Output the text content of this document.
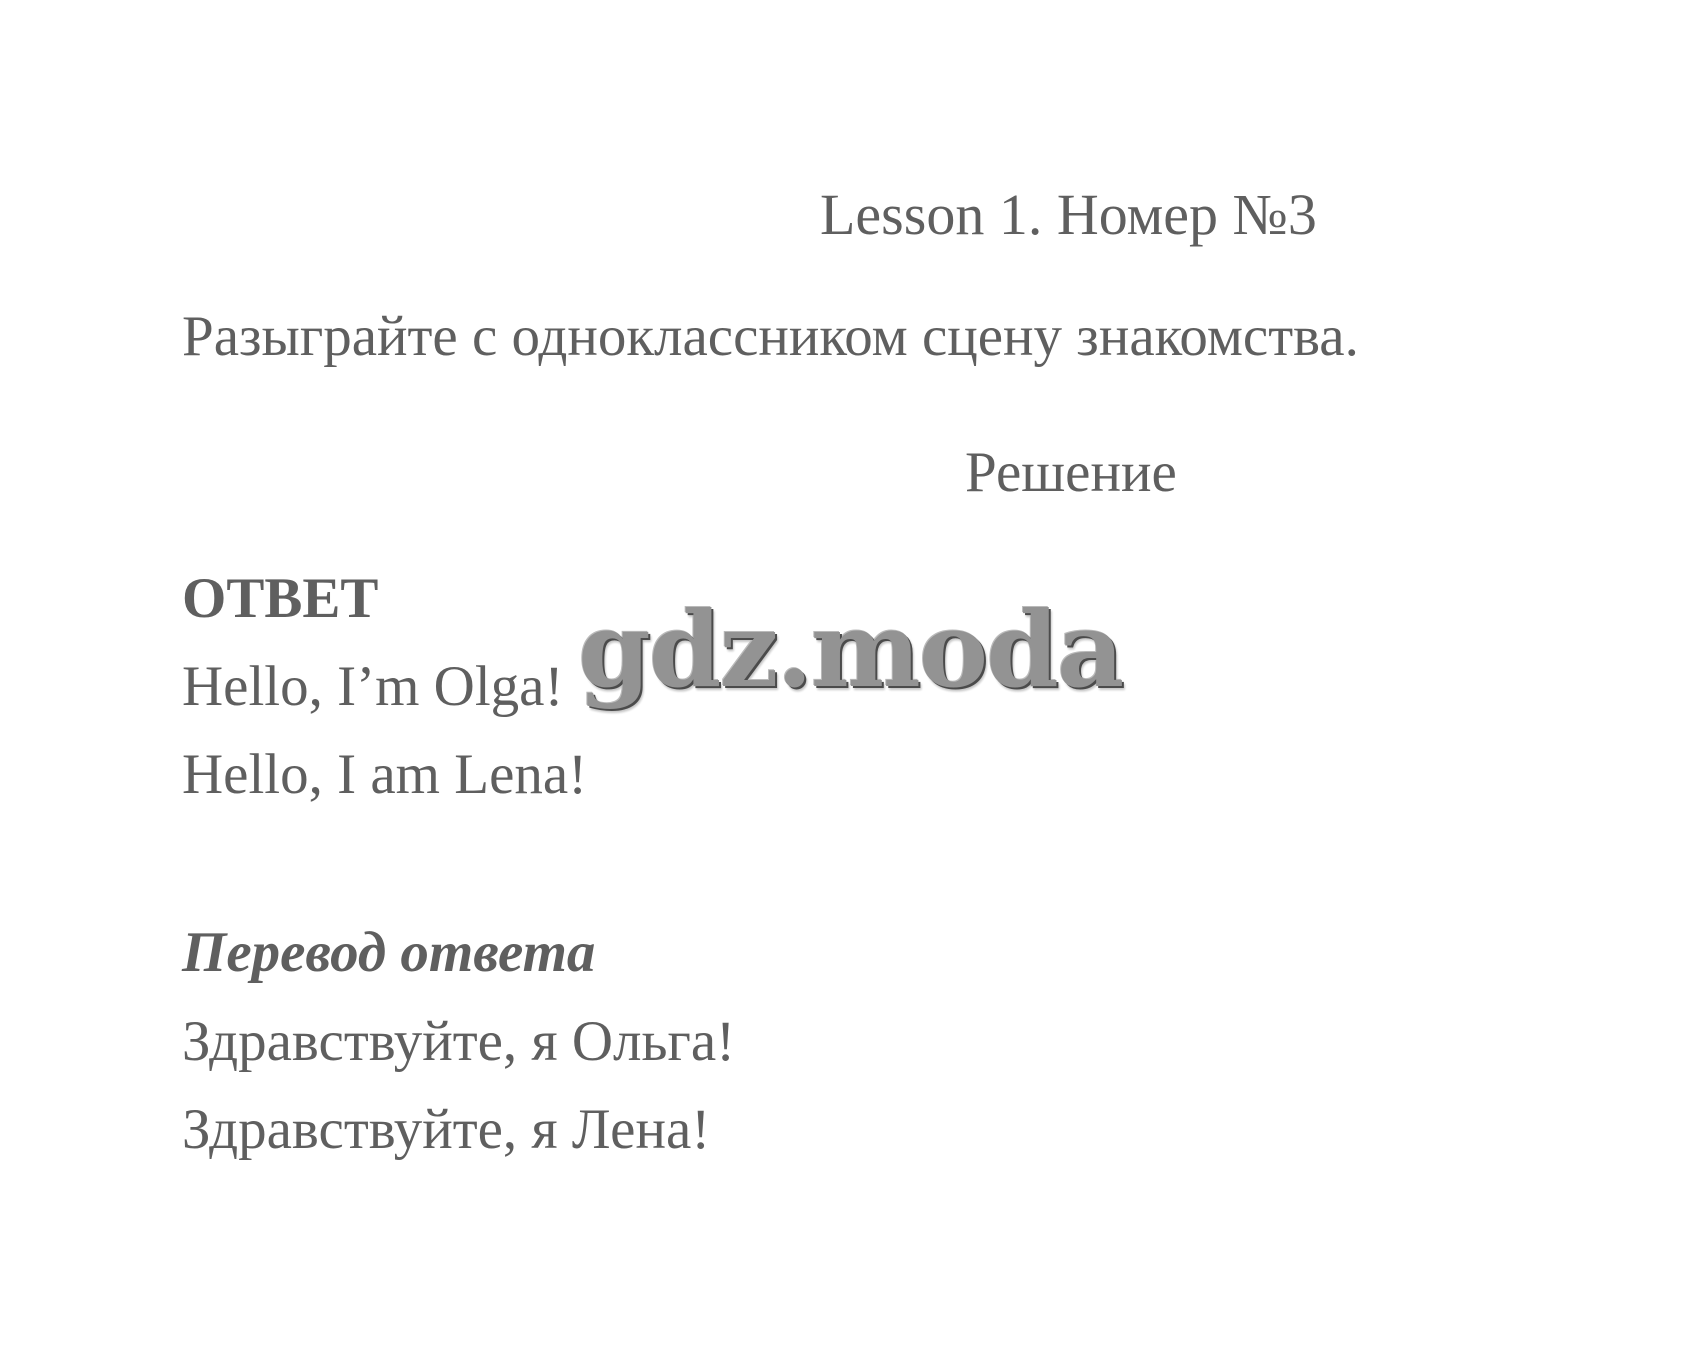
Lesson 1. Номер №3
Разыграйте с одноклассником сцену знакомства.
Решение
ОТВЕТ
Hello, I’m Olga!
Hello, I am Lena!
Перевод ответа
Здравствуйте, я Ольга!
Здравствуйте, я Лена!
gdz.moda
